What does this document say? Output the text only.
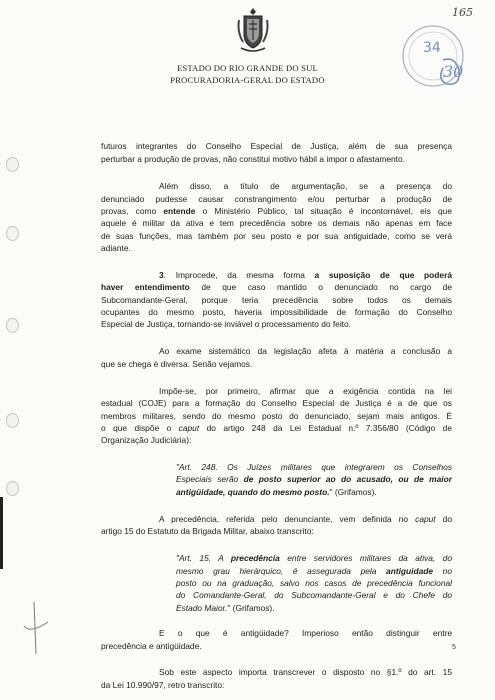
ESTADO DO RIO GRANDE DO SUL
PROCURADORIA-GERAL DO ESTADO
165
34
30
futuros integrantes do Conselho Especial de Justiça, além de sua presença
perturbar a produção de provas, não constitui motivo hábil a impor o afastamento.
Além disso, a título de argumentação, se a presença do
denunciado pudesse causar constrangimento e/ou perturbar a produção de
provas, como entende o Ministério Público, tal situação é incontornável, eis que
aquele é militar da ativa e tem precedência sobre os demais não apenas em face
de suas funções, mas também por seu posto e por sua antiguidade, como se verá
adiante.
3. Improcede, da mesma forma a suposição de que poderá
haver entendimento de que caso mantido o denunciado no cargo de
Subcomandante-Geral, porque teria precedência sobre todos os demais
ocupantes do mesmo posto, haveria impossibilidade de formação do Conselho
Especial de Justiça, tornando-se inviável o processamento do feito.
Ao exame sistemático da legislação afeta à matéria a conclusão a
que se chega é diversa. Senão vejamos.
Impõe-se, por primeiro, afirmar que a exigência contida na lei
estadual (COJE) para a formação do Conselho Especial de Justiça é a de que os
membros militares, sendo do mesmo posto do denunciado, sejam mais antigos. É
o que dispõe o caput do artigo 248 da Lei Estadual n.º 7.356/80 (Código de
Organização Judiciária):
"Art. 248. Os Juízes militares que integrarem os Conselhos
Especiais serão de posto superior ao do acusado, ou de maior
antigüidade, quando do mesmo posto." (Grifamos).
A precedência, referida pelo denunciante, vem definida no caput do
artigo 15 do Estatuto da Brigada Militar, abaixo transcrito:
"Art. 15. A precedência entre servidores militares da ativa, do
mesmo grau hierárquico, é assegurada pela antiguidade no
posto ou na graduação, salvo nos casos de precedência funcional
do Comandante-Geral, do Subcomandante-Geral e do Chefe do
Estado Maior." (Grifamos).
E o que é antigüidade? Imperioso então distinguir entre
precedência e antigüidade.
Sob este aspecto importa transcrever o disposto no §1.º do art. 15
da Lei 10.990/97, retro transcrito:
5
